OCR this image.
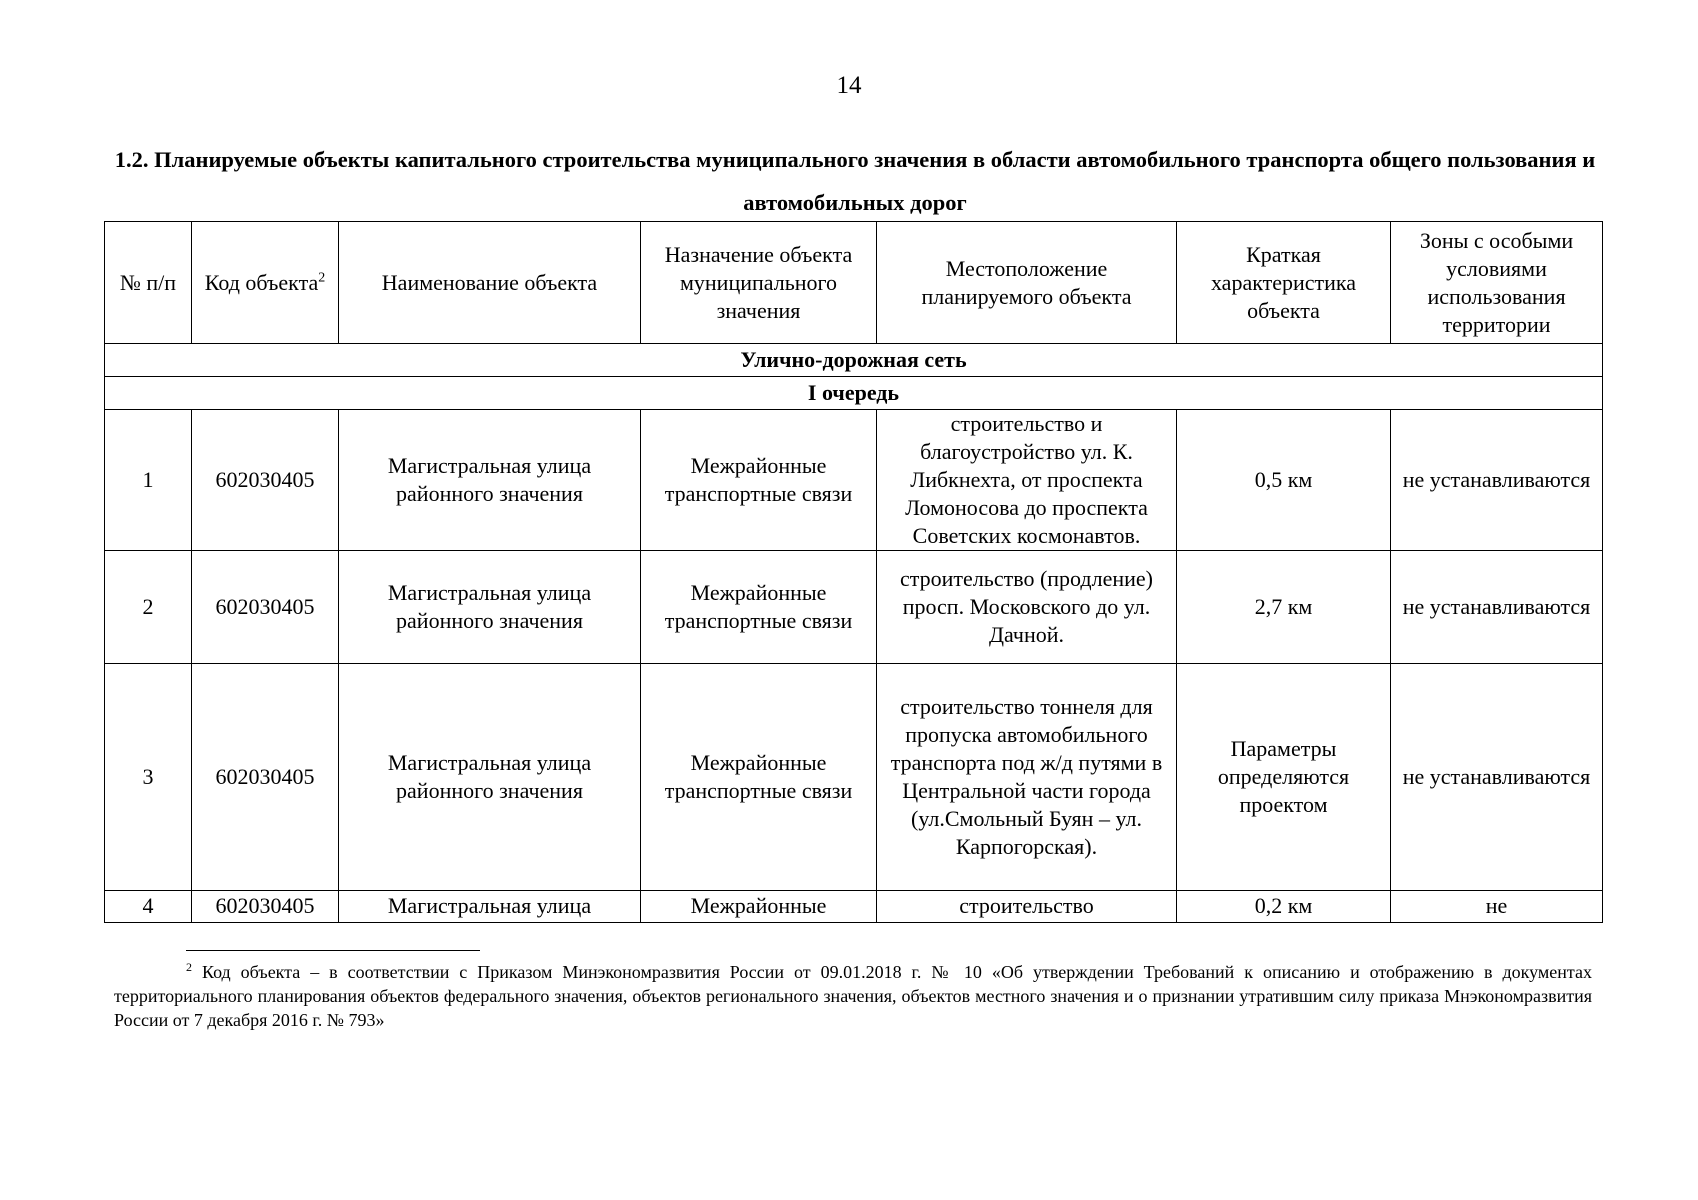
14
1.2. Планируемые объекты капитального строительства муниципального значения в области автомобильного транспорта общего пользования и автомобильных дорог
№ п/п	Код объекта$^2$	Наименование объекта	Назначение объекта муниципального значения	Местоположение планируемого объекта	Краткая характеристика объекта	Зоны с особыми условиями использования территории
Улично-дорожная сеть						
I очередь						
1	602030405	Магистральная улица районного значения	Межрайонные транспортные связи	строительство и благоустройство ул. К. Либкнехта, от проспекта Ломоносова до проспекта Советских космонавтов.	0,5 км	не устанавливаются
2	602030405	Магистральная улица районного значения	Межрайонные транспортные связи	строительство (продление) просп. Московского до ул. Дачной.	2,7 км	не устанавливаются
3	602030405	Магистральная улица районного значения	Межрайонные транспортные связи	строительство тоннеля для пропуска автомобильного транспорта под ж/д путями в Центральной части города (ул.Смольный Буян – ул. Карпогорская).	Параметры определяются проектом	не устанавливаются
4	602030405	Магистральная улица	Межрайонные	строительство	0,2 км	не
$^2$ Код объекта – в соответствии с Приказом Минэкономразвития России от 09.01.2018 г. № 10 «Об утверждении Требований к описанию и отображению в документах территориального планирования объектов федерального значения, объектов регионального значения, объектов местного значения и о признании утратившим силу приказа Мнэкономразвития России от 7 декабря 2016 г. № 793»
